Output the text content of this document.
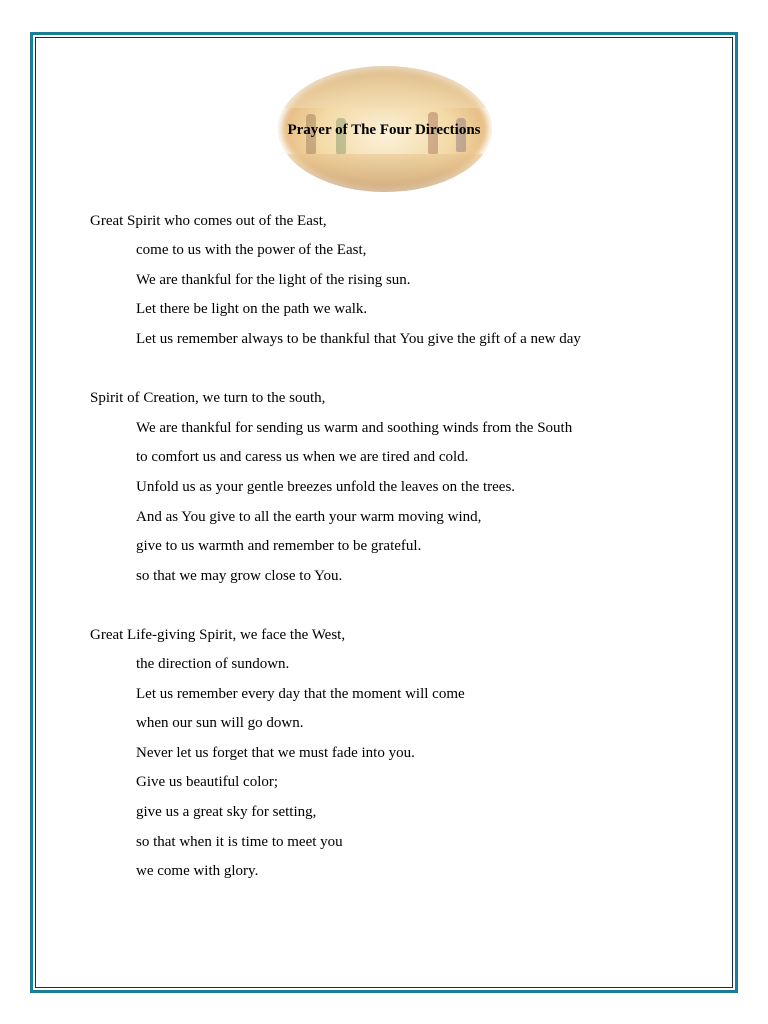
Prayer of The Four Directions
Great Spirit who comes out of the East,
come to us with the power of the East,
We are thankful for the light of the rising sun.
Let there be light on the path we walk.
Let us remember always to be thankful that You give the gift of a new day
Spirit of Creation, we turn to the south,
We are thankful for sending us warm and soothing winds from the South
to comfort us and caress us when we are tired and cold.
Unfold us as your gentle breezes unfold the leaves on the trees.
And as You give to all the earth your warm moving wind,
give to us warmth and remember to be grateful.
so that we may grow close to You.
Great Life-giving Spirit, we face the West,
the direction of sundown.
Let us remember every day that the moment will come
when our sun will go down.
Never let us forget that we must fade into you.
Give us beautiful color;
give us a great sky for setting,
so that when it is time to meet you
we come with glory.
